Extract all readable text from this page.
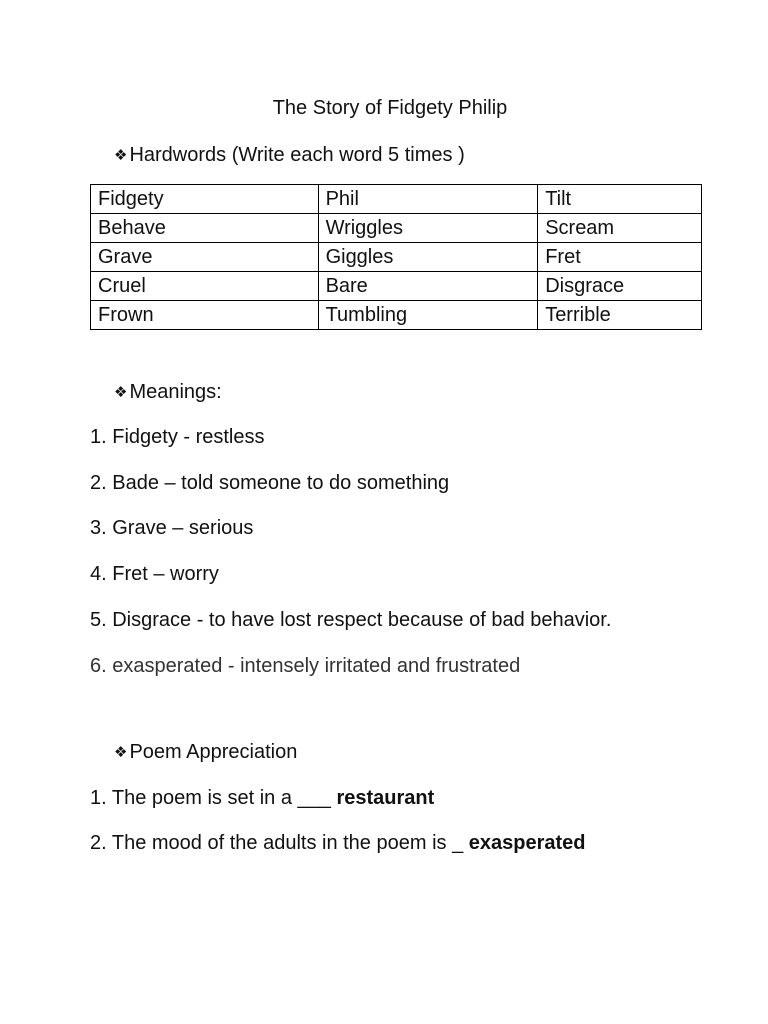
The Story of Fidgety Philip
❖ Hardwords (Write each word 5 times )
Fidgety	Phil	Tilt
Behave	Wriggles	Scream
Grave	Giggles	Fret
Cruel	Bare	Disgrace
Frown	Tumbling	Terrible
❖ Meanings:
1. Fidgety - restless
2. Bade – told someone to do something
3. Grave – serious
4. Fret – worry
5. Disgrace - to have lost respect because of bad behavior.
6. exasperated - intensely irritated and frustrated
❖ Poem Appreciation
1. The poem is set in a ___ restaurant
2. The mood of the adults in the poem is _ exasperated
